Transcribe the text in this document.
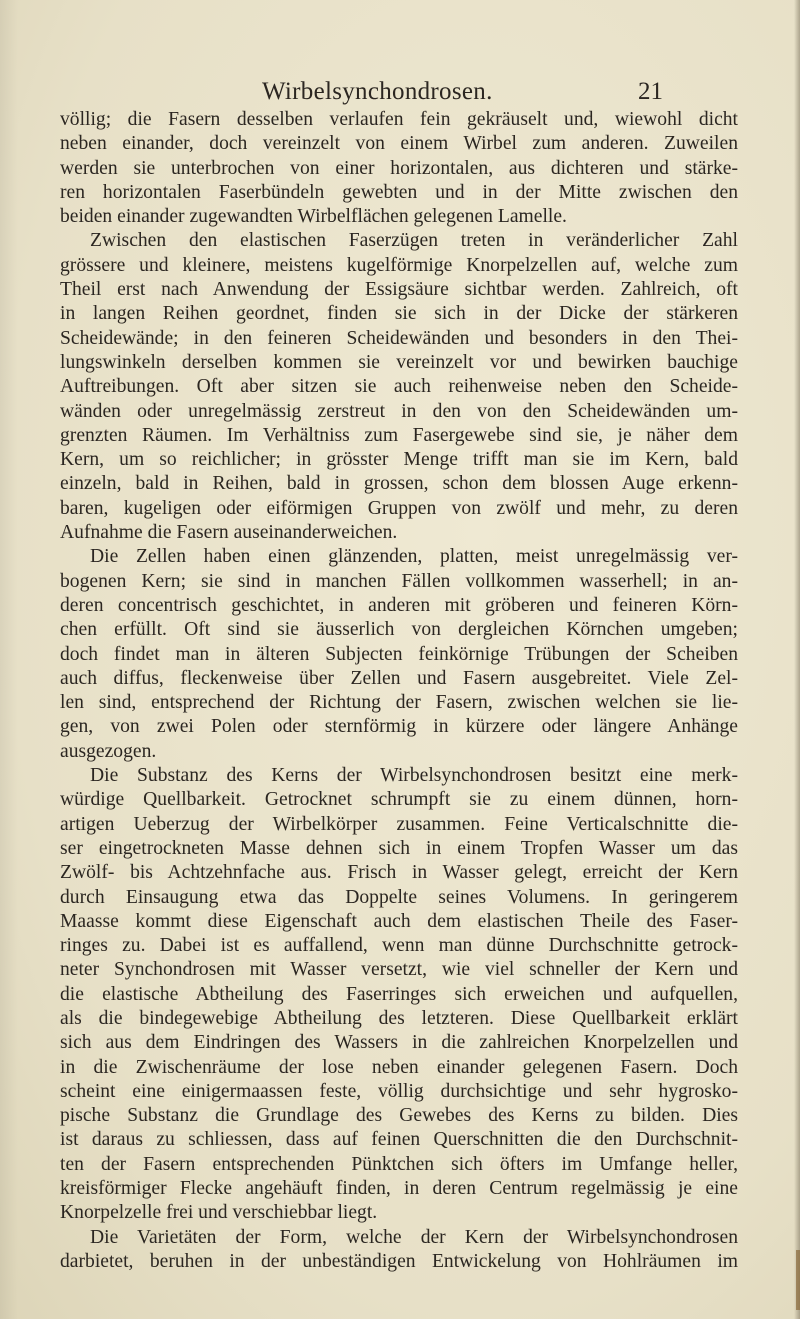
Wirbelsynchondrosen.	21
völlig; die Fasern desselben verlaufen fein gekräuselt und, wiewohl dicht
neben einander, doch vereinzelt von einem Wirbel zum anderen. Zuweilen
werden sie unterbrochen von einer horizontalen, aus dichteren und stärke-
ren horizontalen Faserbündeln gewebten und in der Mitte zwischen den
beiden einander zugewandten Wirbelflächen gelegenen Lamelle.
Zwischen den elastischen Faserzügen treten in veränderlicher Zahl
grössere und kleinere, meistens kugelförmige Knorpelzellen auf, welche zum
Theil erst nach Anwendung der Essigsäure sichtbar werden. Zahlreich, oft
in langen Reihen geordnet, finden sie sich in der Dicke der stärkeren
Scheidewände; in den feineren Scheidewänden und besonders in den Thei-
lungswinkeln derselben kommen sie vereinzelt vor und bewirken bauchige
Auftreibungen. Oft aber sitzen sie auch reihenweise neben den Scheide-
wänden oder unregelmässig zerstreut in den von den Scheidewänden um-
grenzten Räumen. Im Verhältniss zum Fasergewebe sind sie, je näher dem
Kern, um so reichlicher; in grösster Menge trifft man sie im Kern, bald
einzeln, bald in Reihen, bald in grossen, schon dem blossen Auge erkenn-
baren, kugeligen oder eiförmigen Gruppen von zwölf und mehr, zu deren
Aufnahme die Fasern auseinanderweichen.
Die Zellen haben einen glänzenden, platten, meist unregelmässig ver-
bogenen Kern; sie sind in manchen Fällen vollkommen wasserhell; in an-
deren concentrisch geschichtet, in anderen mit gröberen und feineren Körn-
chen erfüllt. Oft sind sie äusserlich von dergleichen Körnchen umgeben;
doch findet man in älteren Subjecten feinkörnige Trübungen der Scheiben
auch diffus, fleckenweise über Zellen und Fasern ausgebreitet. Viele Zel-
len sind, entsprechend der Richtung der Fasern, zwischen welchen sie lie-
gen, von zwei Polen oder sternförmig in kürzere oder längere Anhänge
ausgezogen.
Die Substanz des Kerns der Wirbelsynchondrosen besitzt eine merk-
würdige Quellbarkeit. Getrocknet schrumpft sie zu einem dünnen, horn-
artigen Ueberzug der Wirbelkörper zusammen. Feine Verticalschnitte die-
ser eingetrockneten Masse dehnen sich in einem Tropfen Wasser um das
Zwölf- bis Achtzehnfache aus. Frisch in Wasser gelegt, erreicht der Kern
durch Einsaugung etwa das Doppelte seines Volumens. In geringerem
Maasse kommt diese Eigenschaft auch dem elastischen Theile des Faser-
ringes zu. Dabei ist es auffallend, wenn man dünne Durchschnitte getrock-
neter Synchondrosen mit Wasser versetzt, wie viel schneller der Kern und
die elastische Abtheilung des Faserringes sich erweichen und aufquellen,
als die bindegewebige Abtheilung des letzteren. Diese Quellbarkeit erklärt
sich aus dem Eindringen des Wassers in die zahlreichen Knorpelzellen und
in die Zwischenräume der lose neben einander gelegenen Fasern. Doch
scheint eine einigermaassen feste, völlig durchsichtige und sehr hygrosko-
pische Substanz die Grundlage des Gewebes des Kerns zu bilden. Dies
ist daraus zu schliessen, dass auf feinen Querschnitten die den Durchschnit-
ten der Fasern entsprechenden Pünktchen sich öfters im Umfange heller,
kreisförmiger Flecke angehäuft finden, in deren Centrum regelmässig je eine
Knorpelzelle frei und verschiebbar liegt.
Die Varietäten der Form, welche der Kern der Wirbelsynchondrosen
darbietet, beruhen in der unbeständigen Entwickelung von Hohlräumen im
